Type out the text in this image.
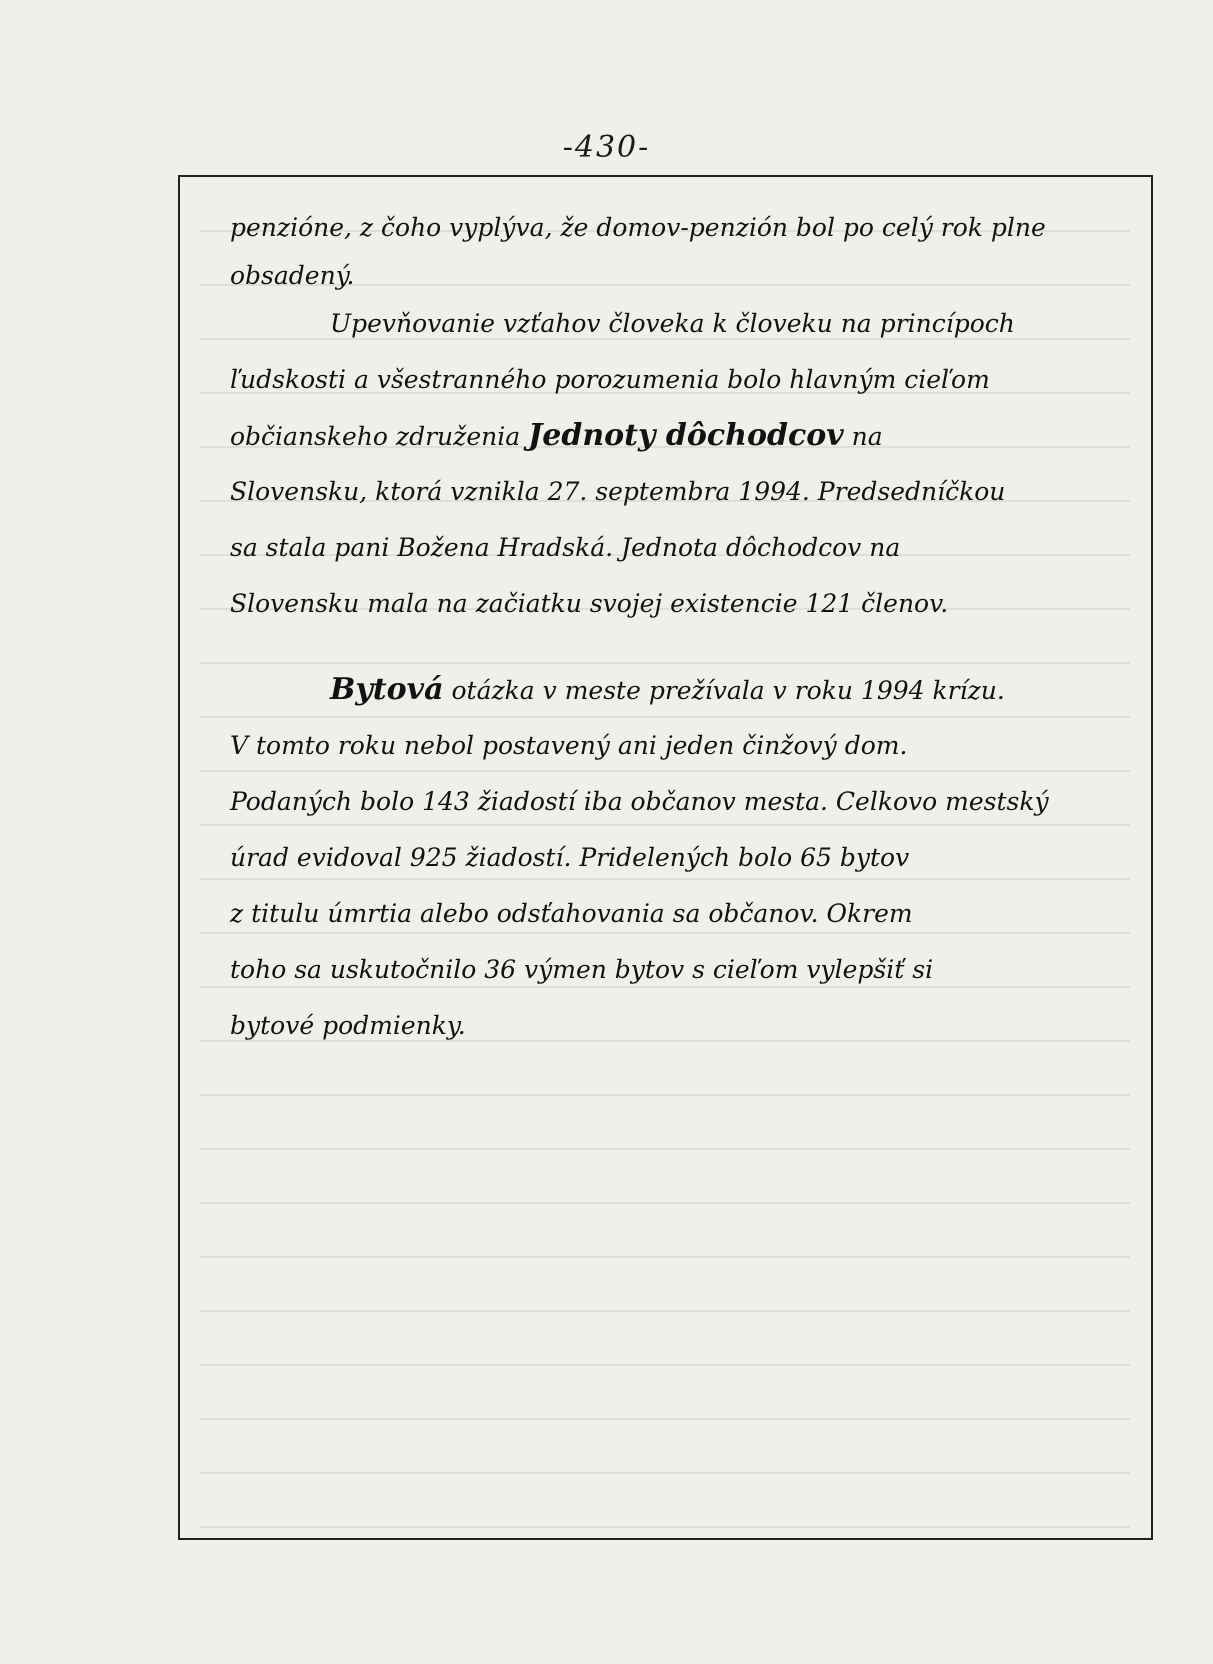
-430-
penzióne, z čoho vyplýva, že domov-penzión bol po celý rok plne
obsadený.
Upevňovanie vzťahov človeka k človeku na princípoch
ľudskosti a všestranného porozumenia bolo hlavným cieľom
občianskeho združenia Jednoty dôchodcov na
Slovensku, ktorá vznikla 27. septembra 1994. Predsedníčkou
sa stala pani Božena Hradská. Jednota dôchodcov na
Slovensku mala na začiatku svojej existencie 121 členov.
Bytová otázka v meste prežívala v roku 1994 krízu.
V tomto roku nebol postavený ani jeden činžový dom.
Podaných bolo 143 žiadostí iba občanov mesta. Celkovo mestský
úrad evidoval 925 žiadostí. Pridelených bolo 65 bytov
z titulu úmrtia alebo odsťahovania sa občanov. Okrem
toho sa uskutočnilo 36 výmen bytov s cieľom vylepšiť si
bytové podmienky.
